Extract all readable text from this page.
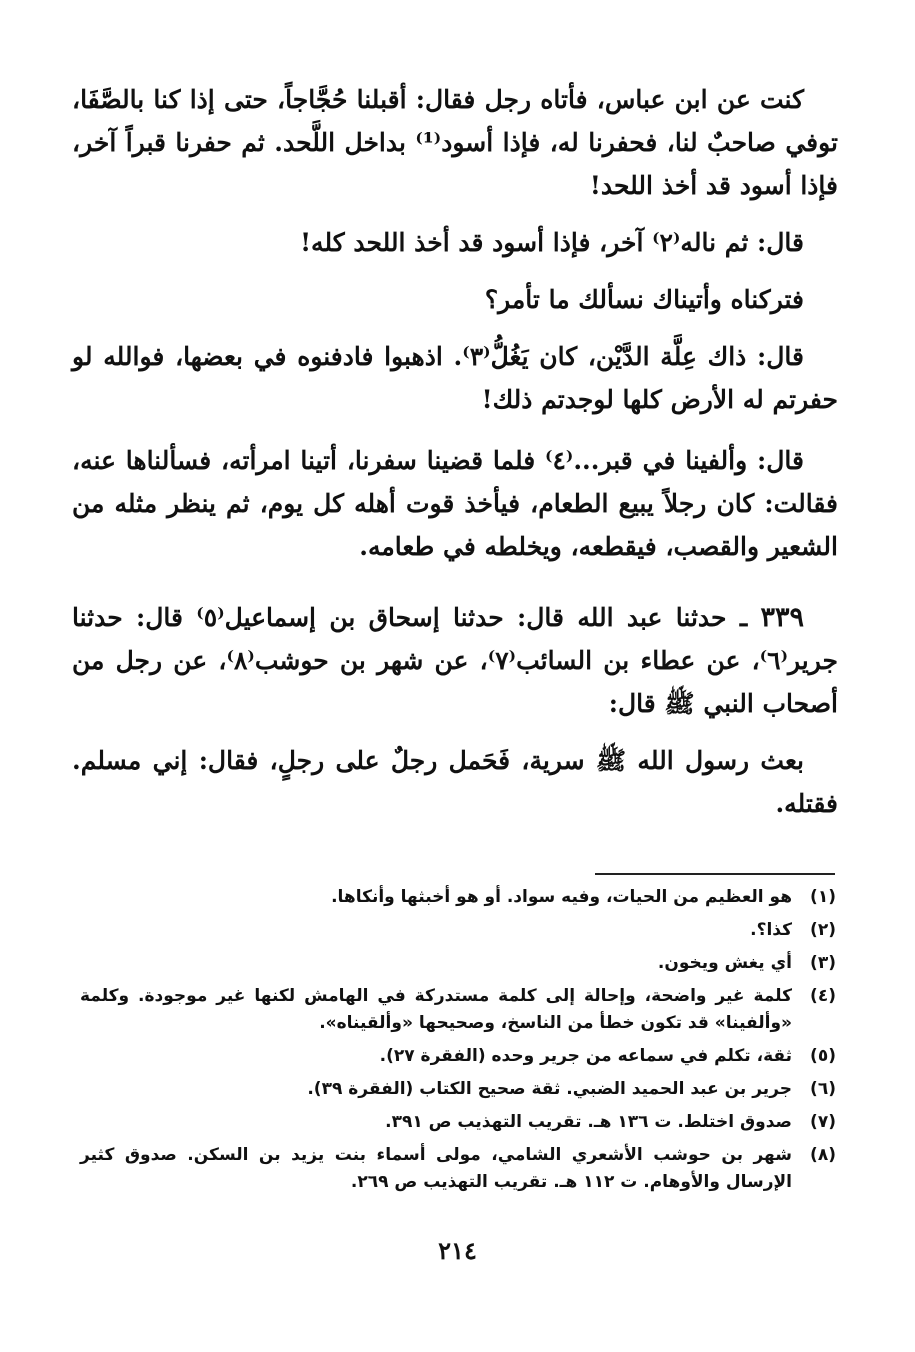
كنت عن ابن عباس، فأتاه رجل فقال: أقبلنا حُجَّاجاً، حتى إذا كنا بالصَّفَا، توفي صاحبٌ لنا، فحفرنا له، فإذا أسود⁽¹⁾ بداخل اللَّحد. ثم حفرنا قبراً آخر، فإذا أسود قد أخذ اللحد!

قال: ثم ناله⁽٢⁾ آخر، فإذا أسود قد أخذ اللحد كله!

فتركناه وأتيناك نسألك ما تأمر؟

قال: ذاك عِلَّة الدَّيْن، كان يَغُلُّ⁽٣⁾. اذهبوا فادفنوه في بعضها، فوالله لو حفرتم له الأرض كلها لوجدتم ذلك!

قال: وألفينا في قبر...⁽٤⁾ فلما قضينا سفرنا، أتينا امرأته، فسألناها عنه، فقالت: كان رجلاً يبيع الطعام، فيأخذ قوت أهله كل يوم، ثم ينظر مثله من الشعير والقصب، فيقطعه، ويخلطه في طعامه.

٣٣٩ ـ حدثنا عبد الله قال: حدثنا إسحاق بن إسماعيل⁽٥⁾ قال: حدثنا جرير⁽٦⁾، عن عطاء بن السائب⁽٧⁾، عن شهر بن حوشب⁽٨⁾، عن رجل من أصحاب النبي ﷺ قال:

بعث رسول الله ﷺ سرية، فَحَمل رجلٌ على رجلٍ، فقال: إني مسلم. فقتله.

(١)
هو العظيم من الحيات، وفيه سواد. أو هو أخبثها وأنكاها.
(٢)
كذا؟.
(٣)
أي يغش ويخون.
(٤)
كلمة غير واضحة، وإحالة إلى كلمة مستدركة في الهامش لكنها غير موجودة. وكلمة «وألفينا» قد تكون خطأ من الناسخ، وصحيحها «وألقيناه».
(٥)
ثقة، تكلم في سماعه من جرير وحده (الفقرة ٢٧).
(٦)
جرير بن عبد الحميد الضبي. ثقة صحيح الكتاب (الفقرة ٣٩).
(٧)
صدوق اختلط. ت ١٣٦ هـ. تقريب التهذيب ص ٣٩١.
(٨)
شهر بن حوشب الأشعري الشامي، مولى أسماء بنت يزيد بن السكن. صدوق كثير الإرسال والأوهام. ت ١١٢ هـ. تقريب التهذيب ص ٢٦٩.
٢١٤
